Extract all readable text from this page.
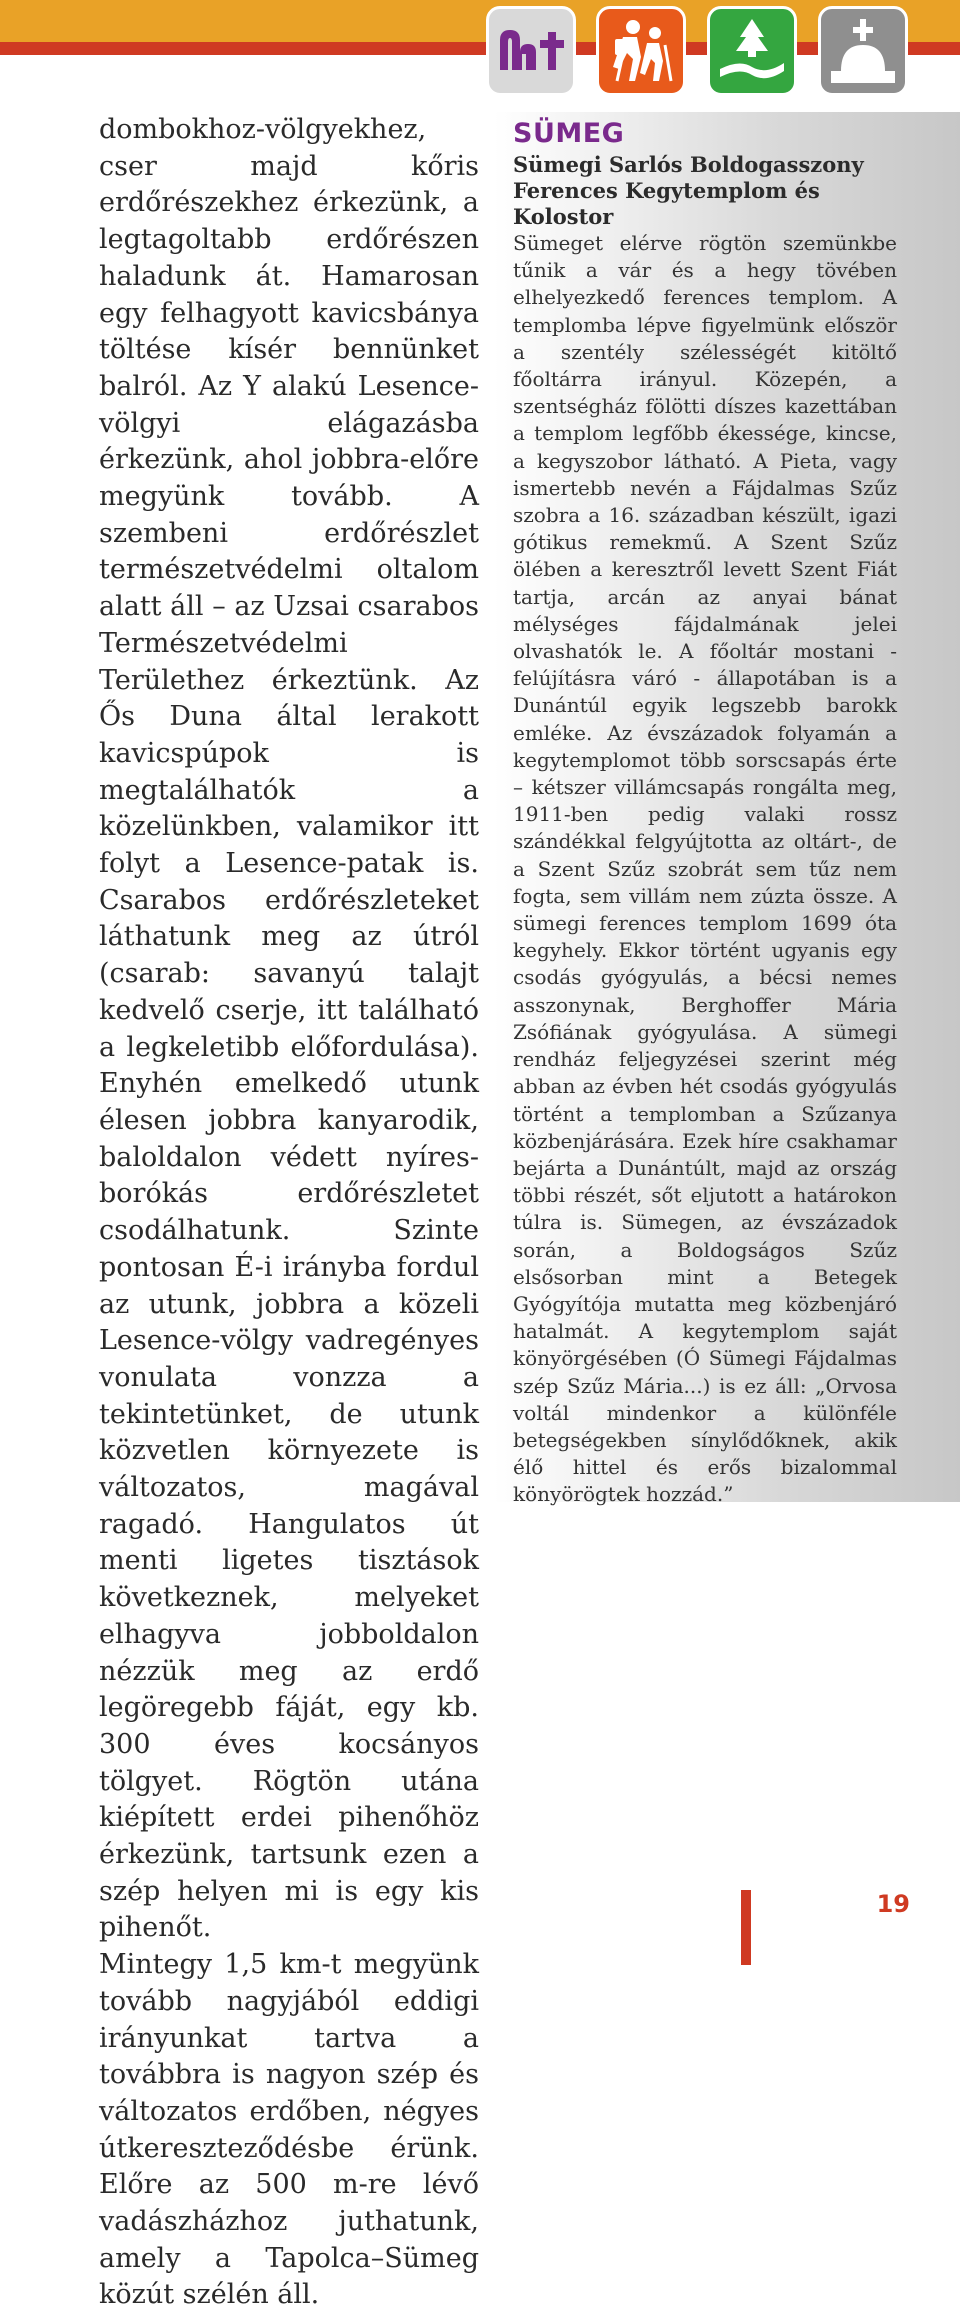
dombokhoz-völgyekhez, cser majd kőris erdőrészekhez érkezünk, a legtagoltabb erdőrészen haladunk át. Hamarosan egy felhagyott kavicsbánya töltése kísér bennünket balról. Az Y alakú Lesence-völgyi elágazásba érkezünk, ahol jobbra-előre megyünk tovább. A szembeni erdőrészlet természetvédelmi oltalom alatt áll – az Uzsai csarabos Természetvédelmi Területhez érkeztünk. Az Ős Duna által lerakott kavicspúpok is megtalálhatók a közelünkben, valamikor itt folyt a Lesence-patak is. Csarabos erdőrészleteket láthatunk meg az útról (csarab: savanyú talajt kedvelő cserje, itt található a legkeletibb előfordulása). Enyhén emelkedő utunk élesen jobbra kanyarodik, baloldalon védett nyíres-borókás erdőrészletet csodálhatunk. Szinte pontosan É-i irányba fordul az utunk, jobbra a közeli Lesence-völgy vadregényes vonulata vonzza a tekintetünket, de utunk közvetlen környezete is változatos, magával ragadó. Hangulatos út menti ligetes tisztások következnek, melyeket elhagyva jobboldalon nézzük meg az erdő legöregebb fáját, egy kb. 300 éves kocsányos tölgyet. Rögtön utána kiépített erdei pihenőhöz érkezünk, tartsunk ezen a szép helyen mi is egy kis pihenőt.

Mintegy 1,5 km-t megyünk tovább nagyjából eddigi irányunkat tartva a továbbra is nagyon szép és változatos erdőben, négyes útkereszteződésbe érünk. Előre az 500 m-re lévő vadászházhoz juthatunk, amely a Tapolca–Sümeg közút szélén áll.

SÜMEG
Sümegi Sarlós Boldogasszony Ferences Kegytemplom és Kolostor

Sümeget elérve rögtön szemünkbe tűnik a vár és a hegy tövében elhelyezkedő ferences templom. A templomba lépve figyelmünk először a szentély szélességét kitöltő főoltárra irányul. Közepén, a szentségház fölötti díszes kazettában a templom legfőbb ékessége, kincse, a kegyszobor látható. A Pieta, vagy ismertebb nevén a Fájdalmas Szűz szobra a 16. században készült, igazi gótikus remekmű. A Szent Szűz ölében a keresztről levett Szent Fiát tartja, arcán az anyai bánat mélységes fájdalmának jelei olvashatók le. A főoltár mostani - felújításra váró - állapotában is a Dunántúl egyik legszebb barokk emléke. Az évszázadok folyamán a kegytemplomot több sorscsapás érte – kétszer villámcsapás rongálta meg, 1911-ben pedig valaki rossz szándékkal felgyújtotta az oltárt-, de a Szent Szűz szobrát sem tűz nem fogta, sem villám nem zúzta össze. A sümegi ferences templom 1699 óta kegyhely. Ekkor történt ugyanis egy csodás gyógyulás, a bécsi nemes asszonynak, Berghoffer Mária Zsófiának gyógyulása. A sümegi rendház feljegyzései szerint még abban az évben hét csodás gyógyulás történt a templomban a Szűzanya közbenjárására. Ezek híre csakhamar bejárta a Dunántúlt, majd az ország többi részét, sőt eljutott a határokon túlra is. Sümegen, az évszázadok során, a Boldogságos Szűz elsősorban mint a Betegek Gyógyítója mutatta meg közbenjáró hatalmát. A kegytemplom saját könyörgésében (Ó Sümegi Fájdalmas szép Szűz Mária...) is ez áll: „Orvosa voltál mindenkor a különféle betegségekben sínylődőknek, akik élő hittel és erős bizalommal könyörögtek hozzád.”

19
